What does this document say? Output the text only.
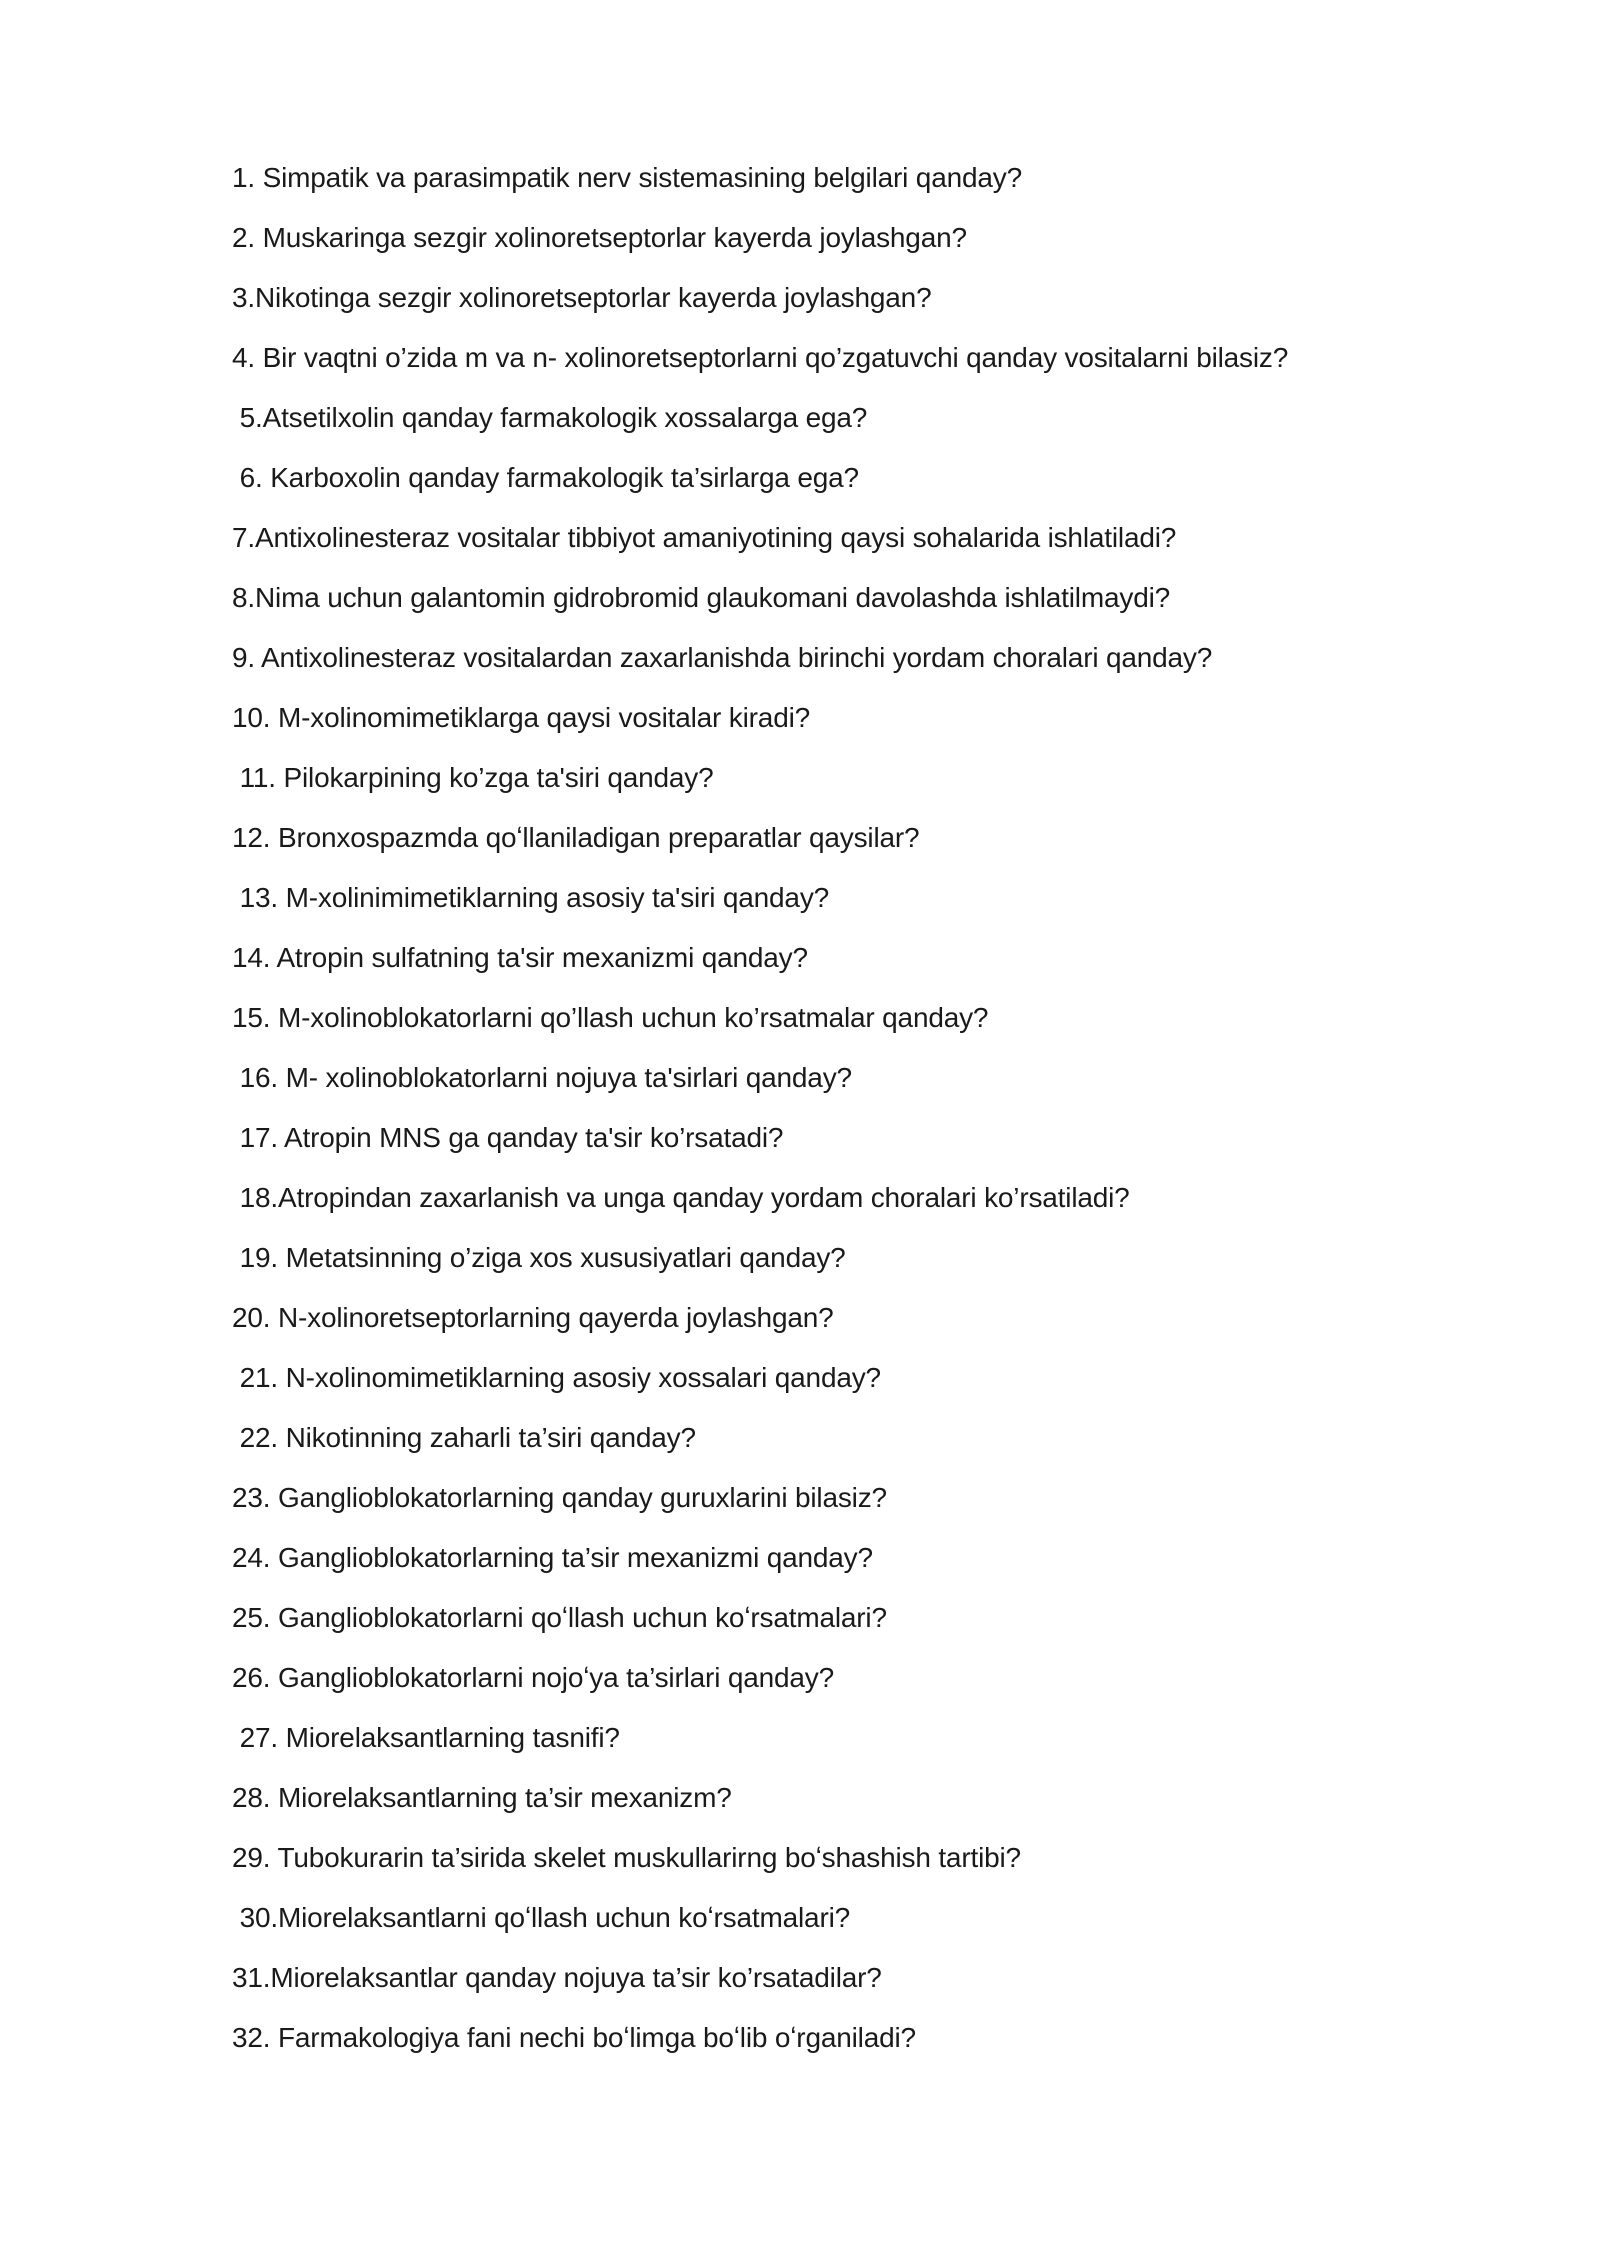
1. Simpatik va parasimpatik nerv sistemasining belgilari qanday?
2. Muskaringa sezgir xolinoretseptorlar kayerda joylashgan?
3.Nikotinga sezgir xolinoretseptorlar kayerda joylashgan?
4. Bir vaqtni o’zida m va n- xolinoretseptorlarni qo’zgatuvchi qanday vositalarni bilasiz?
5.Atsetilxolin qanday farmakologik xossalarga ega?
6. Karboxolin qanday farmakologik ta’sirlarga ega?
7.Antixolinesteraz vositalar tibbiyot amaniyotining qaysi sohalarida ishlatiladi?
8.Nima uchun galantomin gidrobromid glaukomani davolashda ishlatilmaydi?
9. Antixolinesteraz vositalardan zaxarlanishda birinchi yordam choralari qanday?
10. M-xolinomimetiklarga qaysi vositalar kiradi?
11. Pilokarpining ko’zga ta'siri qanday?
12. Bronxospazmda qoʻllaniladigan preparatlar qaysilar?
13. M-xolinimimetiklarning asosiy ta'siri qanday?
14. Atropin sulfatning ta'sir mexanizmi qanday?
15. M-xolinoblokatorlarni qo’llash uchun ko’rsatmalar qanday?
16. M- xolinoblokatorlarni nojuya ta'sirlari qanday?
17. Atropin MNS ga qanday ta'sir ko’rsatadi?
18.Atropindan zaxarlanish va unga qanday yordam choralari ko’rsatiladi?
19. Metatsinning o’ziga xos xususiyatlari qanday?
20. N-xolinoretseptorlarning qayerda joylashgan?
21. N-xolinomimetiklarning asosiy xossalari qanday?
22. Nikotinning zaharli ta’siri qanday?
23. Ganglioblokatorlarning qanday guruxlarini bilasiz?
24. Ganglioblokatorlarning ta’sir mexanizmi qanday?
25. Ganglioblokatorlarni qoʻllash uchun koʻrsatmalari?
26. Ganglioblokatorlarni nojoʻya ta’sirlari qanday?
27. Miorelaksantlarning tasnifi?
28. Miorelaksantlarning ta’sir mexanizm?
29. Tubokurarin ta’sirida skelet muskullarirng boʻshashish tartibi?
30.Miorelaksantlarni qoʻllash uchun koʻrsatmalari?
31.Miorelaksantlar qanday nojuya ta’sir ko’rsatadilar?
32. Farmakologiya fani nechi boʻlimga boʻlib oʻrganiladi?
